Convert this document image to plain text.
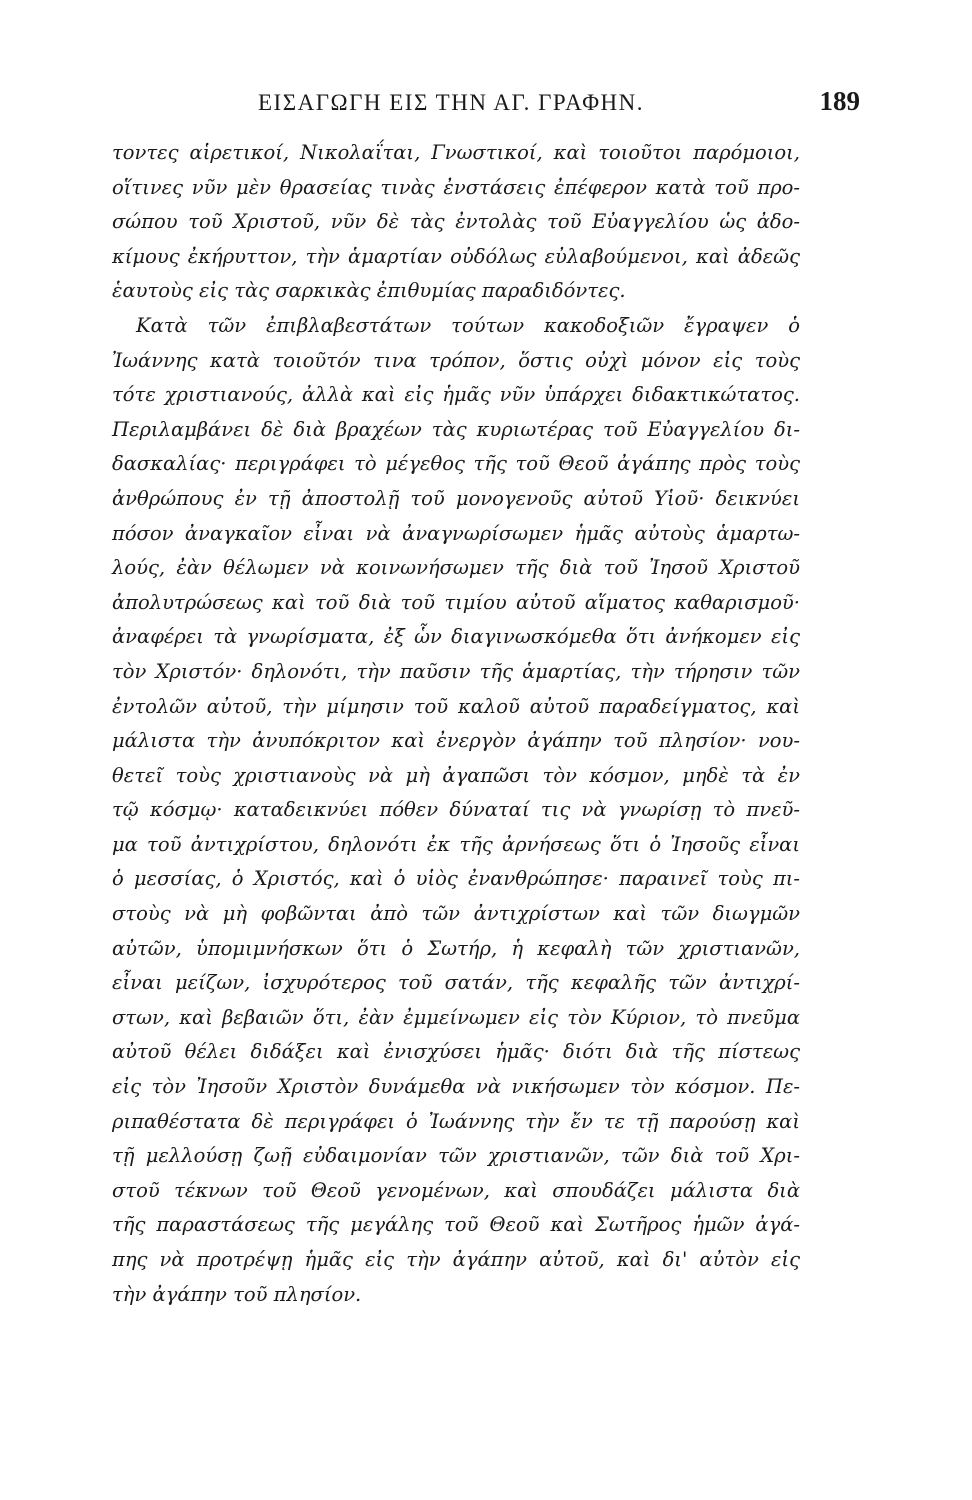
ΕΙΣΑΓΩΓΗ ΕΙΣ ΤΗΝ ΑΓ. ΓΡΑΦΗΝ.	189
τοντες αἱρετικοί, Νικολαΐται, Γνωστικοί, καὶ τοιοῦτοι παρόμοιοι,
οἵτινες νῦν μὲν θρασείας τινὰς ἐνστάσεις ἐπέφερον κατὰ τοῦ προ-
σώπου τοῦ Χριστοῦ, νῦν δὲ τὰς ἐντολὰς τοῦ Εὐαγγελίου ὡς ἀδο-
κίμους ἐκήρυττον, τὴν ἁμαρτίαν οὐδόλως εὐλαβούμενοι, καὶ ἀδεῶς
ἑαυτοὺς εἰς τὰς σαρκικὰς ἐπιθυμίας παραδιδόντες.
Κατὰ τῶν ἐπιβλαβεστάτων τούτων κακοδοξιῶν ἔγραψεν ὁ
Ἰωάννης κατὰ τοιοῦτόν τινα τρόπον, ὅστις οὐχὶ μόνον εἰς τοὺς
τότε χριστιανούς, ἀλλὰ καὶ εἰς ἡμᾶς νῦν ὑπάρχει διδακτικώτατος.
Περιλαμβάνει δὲ διὰ βραχέων τὰς κυριωτέρας τοῦ Εὐαγγελίου δι-
δασκαλίας· περιγράφει τὸ μέγεθος τῆς τοῦ Θεοῦ ἀγάπης πρὸς τοὺς
ἀνθρώπους ἐν τῇ ἀποστολῇ τοῦ μονογενοῦς αὐτοῦ Υἱοῦ· δεικνύει
πόσον ἀναγκαῖον εἶναι νὰ ἀναγνωρίσωμεν ἡμᾶς αὐτοὺς ἁμαρτω-
λούς, ἐὰν θέλωμεν νὰ κοινωνήσωμεν τῆς διὰ τοῦ Ἰησοῦ Χριστοῦ
ἀπολυτρώσεως καὶ τοῦ διὰ τοῦ τιμίου αὐτοῦ αἵματος καθαρισμοῦ·
ἀναφέρει τὰ γνωρίσματα, ἐξ ὧν διαγινωσκόμεθα ὅτι ἀνήκομεν εἰς
τὸν Χριστόν· δηλονότι, τὴν παῦσιν τῆς ἁμαρτίας, τὴν τήρησιν τῶν
ἐντολῶν αὐτοῦ, τὴν μίμησιν τοῦ καλοῦ αὐτοῦ παραδείγματος, καὶ
μάλιστα τὴν ἀνυπόκριτον καὶ ἐνεργὸν ἀγάπην τοῦ πλησίον· νου-
θετεῖ τοὺς χριστιανοὺς νὰ μὴ ἀγαπῶσι τὸν κόσμον, μηδὲ τὰ ἐν
τῷ κόσμῳ· καταδεικνύει πόθεν δύναταί τις νὰ γνωρίσῃ τὸ πνεῦ-
μα τοῦ ἀντιχρίστου, δηλονότι ἐκ τῆς ἀρνήσεως ὅτι ὁ Ἰησοῦς εἶναι
ὁ μεσσίας, ὁ Χριστός, καὶ ὁ υἱὸς ἐνανθρώπησε· παραινεῖ τοὺς πι-
στοὺς νὰ μὴ φοβῶνται ἀπὸ τῶν ἀντιχρίστων καὶ τῶν διωγμῶν
αὐτῶν, ὑπομιμνήσκων ὅτι ὁ Σωτήρ, ἡ κεφαλὴ τῶν χριστιανῶν,
εἶναι μείζων, ἰσχυρότερος τοῦ σατάν, τῆς κεφαλῆς τῶν ἀντιχρί-
στων, καὶ βεβαιῶν ὅτι, ἐὰν ἐμμείνωμεν εἰς τὸν Κύριον, τὸ πνεῦμα
αὐτοῦ θέλει διδάξει καὶ ἐνισχύσει ἡμᾶς· διότι διὰ τῆς πίστεως
εἰς τὸν Ἰησοῦν Χριστὸν δυνάμεθα νὰ νικήσωμεν τὸν κόσμον. Πε-
ριπαθέστατα δὲ περιγράφει ὁ Ἰωάννης τὴν ἔν τε τῇ παρούσῃ καὶ
τῇ μελλούσῃ ζωῇ εὐδαιμονίαν τῶν χριστιανῶν, τῶν διὰ τοῦ Χρι-
στοῦ τέκνων τοῦ Θεοῦ γενομένων, καὶ σπουδάζει μάλιστα διὰ
τῆς παραστάσεως τῆς μεγάλης τοῦ Θεοῦ καὶ Σωτῆρος ἡμῶν ἀγά-
πης νὰ προτρέψῃ ἡμᾶς εἰς τὴν ἀγάπην αὐτοῦ, καὶ δι' αὐτὸν εἰς
τὴν ἀγάπην τοῦ πλησίον.
